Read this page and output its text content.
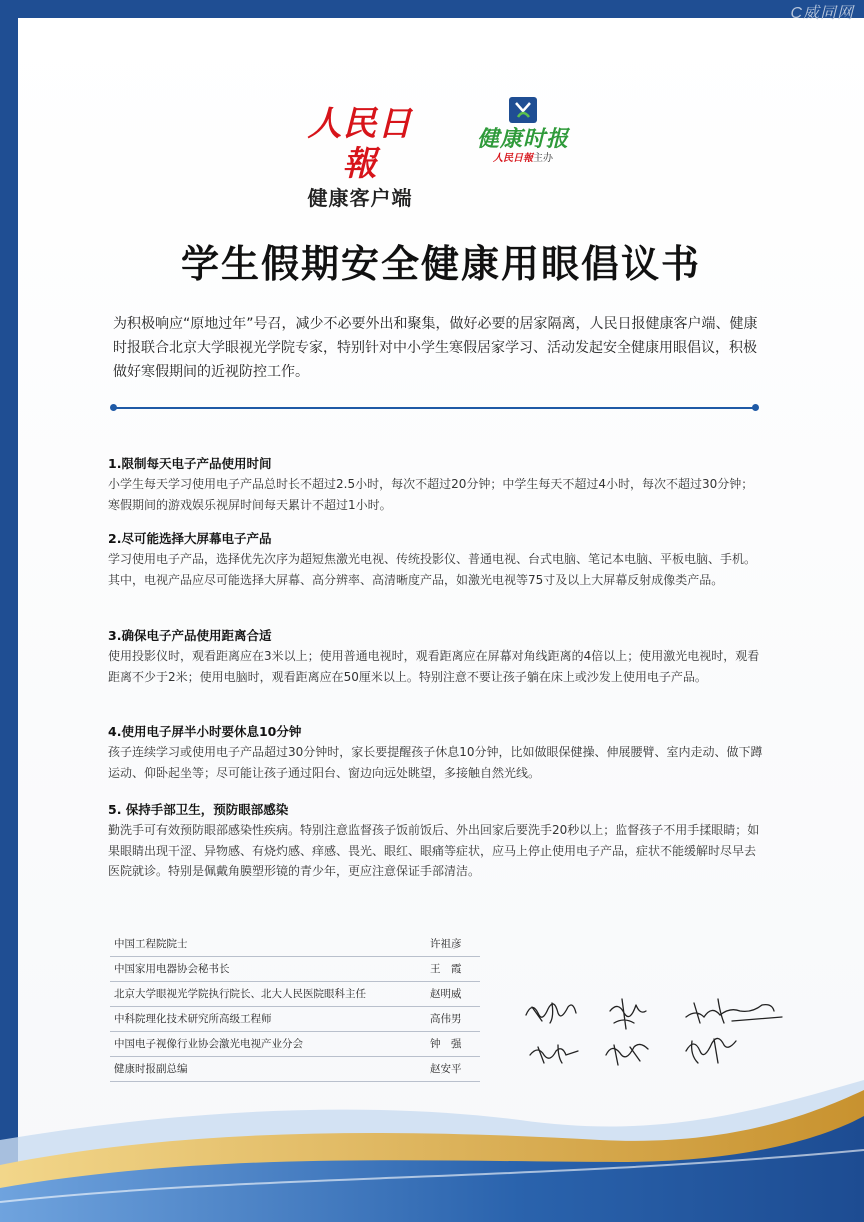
C威同网
人民日報
健康客户端
健康时报
人民日報主办
学生假期安全健康用眼倡议书
为积极响应“原地过年”号召，减少不必要外出和聚集，做好必要的居家隔离，人民日报健康客户端、健康时报联合北京大学眼视光学院专家，特别针对中小学生寒假居家学习、活动发起安全健康用眼倡议，积极做好寒假期间的近视防控工作。
1.限制每天电子产品使用时间
小学生每天学习使用电子产品总时长不超过2.5小时，每次不超过20分钟；中学生每天不超过4小时，每次不超过30分钟；寒假期间的游戏娱乐视屏时间每天累计不超过1小时。
2.尽可能选择大屏幕电子产品
学习使用电子产品，选择优先次序为超短焦激光电视、传统投影仪、普通电视、台式电脑、笔记本电脑、平板电脑、手机。其中，电视产品应尽可能选择大屏幕、高分辨率、高清晰度产品，如激光电视等75寸及以上大屏幕反射成像类产品。
3.确保电子产品使用距离合适
使用投影仪时，观看距离应在3米以上；使用普通电视时，观看距离应在屏幕对角线距离的4倍以上；使用激光电视时，观看距离不少于2米；使用电脑时，观看距离应在50厘米以上。特别注意不要让孩子躺在床上或沙发上使用电子产品。
4.使用电子屏半小时要休息10分钟
孩子连续学习或使用电子产品超过30分钟时，家长要提醒孩子休息10分钟，比如做眼保健操、伸展腰臂、室内走动、做下蹲运动、仰卧起坐等；尽可能让孩子通过阳台、窗边向远处眺望，多接触自然光线。
5. 保持手部卫生，预防眼部感染
勤洗手可有效预防眼部感染性疾病。特别注意监督孩子饭前饭后、外出回家后要洗手20秒以上；监督孩子不用手揉眼睛；如果眼睛出现干涩、异物感、有烧灼感、痒感、畏光、眼红、眼痛等症状，应马上停止使用电子产品，症状不能缓解时尽早去医院就诊。特别是佩戴角膜塑形镜的青少年，更应注意保证手部清洁。
中国工程院院士	许祖彦
中国家用电器协会秘书长	王　霞
北京大学眼视光学院执行院长、北大人民医院眼科主任	赵明威
中科院理化技术研究所高级工程师	高伟男
中国电子视像行业协会激光电视产业分会	钟　强
健康时报副总编	赵安平
